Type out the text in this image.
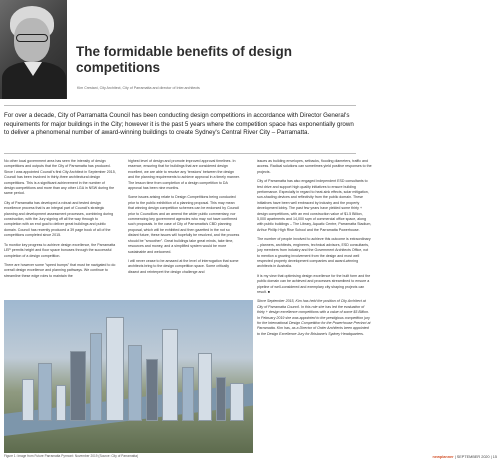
The formidable benefits of design competitions

Kim Crestani, City Architect, City of Parramatta and director of Inter.architects

For over a decade, City of Parramatta Council has been conducting design competitions in accordance with Director General's requirements for major buildings in the City; however it is the past 5 years where the competition space has exponentially grown to deliver a phenomenal number of award-winning buildings to create Sydney's Central River City – Parramatta.

No other local government area has seen the intensity of design competitions and outputs that the City of Parramatta has produced. Since I was appointed Council's first City Architect in September 2015, Council has been involved in thirty-three architectural design competitions. This is a significant achievement in the number of design competitions and more than any other LGA in NSW during the same period.

City of Parramatta has developed a robust and tested design excellence process that is an integral part of Council's strategic planning and development assessment processes, combining during construction, with the Jury signing off all the way through to completion with an end goal to deliver great buildings and public domain. Council has recently produced a 39 page book of all of the competitions completed since 2015.

To monitor key progress to achieve design excellence, the Parramatta LEP permits height and floor space bonuses through the successful completion of a design competition.

There are however some "speed bumps" that must be navigated to do overall design excellence and planning pathways. We continue to streamline these edge roles to maintain the

highest level of design and promote improved approval timelines. In essence, ensuring that for buildings that are considered design excellent, we are able to resolve any 'tensions' between the design and the planning requirements to achieve approval in a timely manner. The lesson time from completion of a design competition to DA approval has been nine months.

Some issues arising relate to Design Competitions being conducted prior to the public exhibition of a planning proposal. This may mean that winning design competition schemes can be endorsed by Council prior to Councillors and an amend the wider public commentary, nor commencing key government agencies who may not have confirmed such proposals. In the case of City of Parramatta's CBD planning proposal, which will be exhibited and then gazetted in the not so distant future, these issues will hopefully be resolved, and the process should be "smoother". Great buildings take great minds, take time, resources and money, and a simplified system would be more sustainable and welcomed.

I will never cease to be amazed at the level of interrogation that some architects bring to the design competition space. Some critically dissect and reinterpret the design challenge and

issues as building envelopes, setbacks, flooding diameters, traffic and access. Radical solutions can sometimes yield positive responses to the projects.

City of Parramatta has also engaged independent ESD consultants to test drive and support high quality initiatives to ensure building performance. Especially in regard to heat-sink effects, solar mitigation, sun-shading devices and reflectivity from the public domain. These initiatives have been well embraced by industry and the property development lobby. The past few years have yielded some thirty + design competitions, with an end construction value of $1.5 Billion, 5,000 apartments and 14,000 sqm of commercial office space, along with public buildings – The Library, Aquatic Centre, Parramatta Stadium, Arthur Phillip High Rise School and the Parramatta Powerhouse.

The number of people involved to achieve this outcome is extraordinary – planners, architects, engineers, technical advisors, ESD consultants, jury members from industry and the Government Architects Office, not to mention a growing involvement from the design and most well respected property development companies and award-winning architects in Australia.

It is my view that optimising design excellence for the built form and the public domain can be achieved and processes streamlined to ensure a pipeline of well-considered and exemplary city shaping projects can result. ■

Since September 2015, Kim has held the position of City Architect at City of Parramatta Council. In this role she has led the evaluation of thirty + design excellence competitions with a value of some $5 Billion. In February 2019 she was appointed to the prestigious competition jury for the International Design Competition for the Powerhouse Precinct at Parramatta. Kim has, as a Director of Order Architects been appointed to the Design Excellence Jury for Brisbane's Sydney Headquarters.

Figure 1: Image from Future Parramatta Pyrmont: November 2019 (Source: City of Parramatta)	newplanner | SEPTEMBER 2020 | 15
